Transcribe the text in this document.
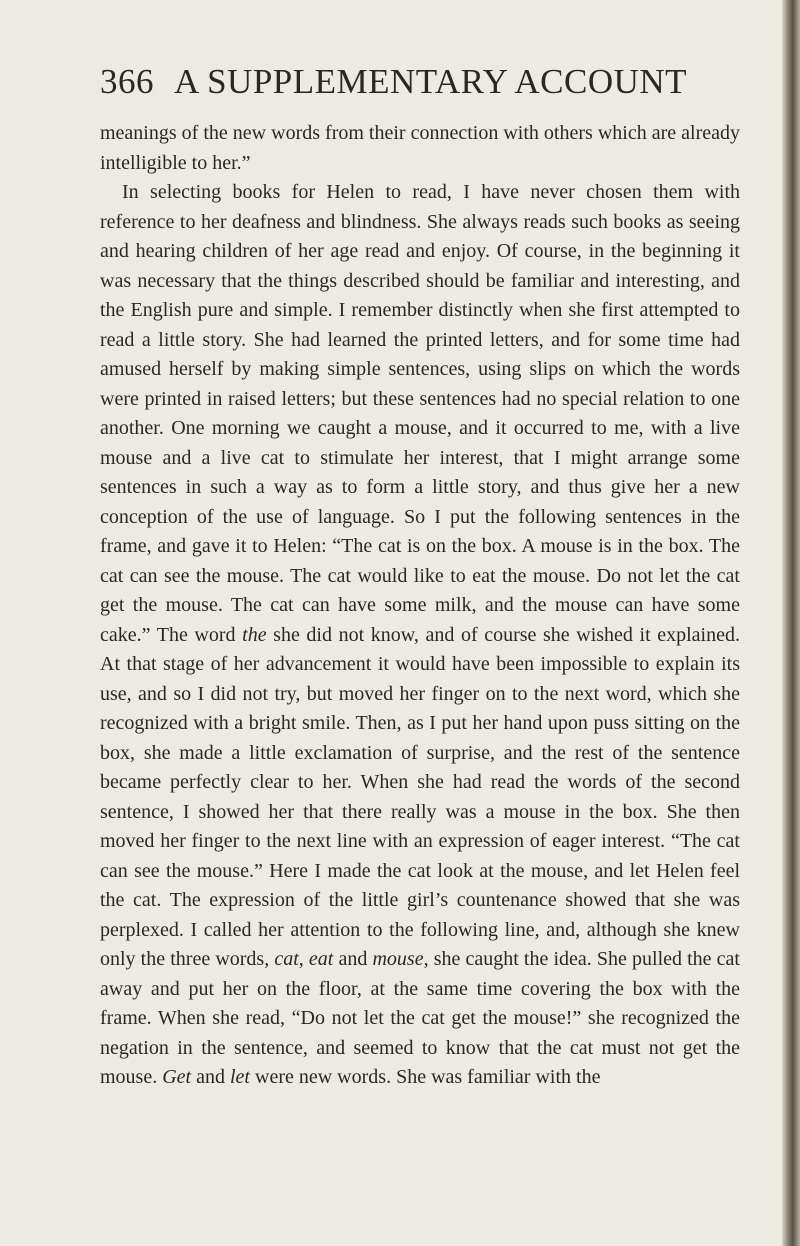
366 A SUPPLEMENTARY ACCOUNT

meanings of the new words from their connection with others which are already intelligible to her.”

In selecting books for Helen to read, I have never chosen them with reference to her deafness and blindness. She always reads such books as seeing and hearing children of her age read and enjoy. Of course, in the beginning it was necessary that the things described should be familiar and interesting, and the English pure and simple. I remember distinctly when she first attempted to read a little story. She had learned the printed letters, and for some time had amused herself by making simple sentences, using slips on which the words were printed in raised letters; but these sentences had no special relation to one another. One morning we caught a mouse, and it occurred to me, with a live mouse and a live cat to stimulate her interest, that I might arrange some sentences in such a way as to form a little story, and thus give her a new conception of the use of language. So I put the following sentences in the frame, and gave it to Helen: “The cat is on the box. A mouse is in the box. The cat can see the mouse. The cat would like to eat the mouse. Do not let the cat get the mouse. The cat can have some milk, and the mouse can have some cake.” The word the she did not know, and of course she wished it explained. At that stage of her advancement it would have been impossible to explain its use, and so I did not try, but moved her finger on to the next word, which she recognized with a bright smile. Then, as I put her hand upon puss sitting on the box, she made a little exclamation of surprise, and the rest of the sentence became perfectly clear to her. When she had read the words of the second sentence, I showed her that there really was a mouse in the box. She then moved her finger to the next line with an expression of eager interest. “The cat can see the mouse.” Here I made the cat look at the mouse, and let Helen feel the cat. The expression of the little girl’s countenance showed that she was perplexed. I called her attention to the following line, and, although she knew only the three words, cat, eat and mouse, she caught the idea. She pulled the cat away and put her on the floor, at the same time covering the box with the frame. When she read, “Do not let the cat get the mouse!” she recognized the negation in the sentence, and seemed to know that the cat must not get the mouse. Get and let were new words. She was familiar with the
